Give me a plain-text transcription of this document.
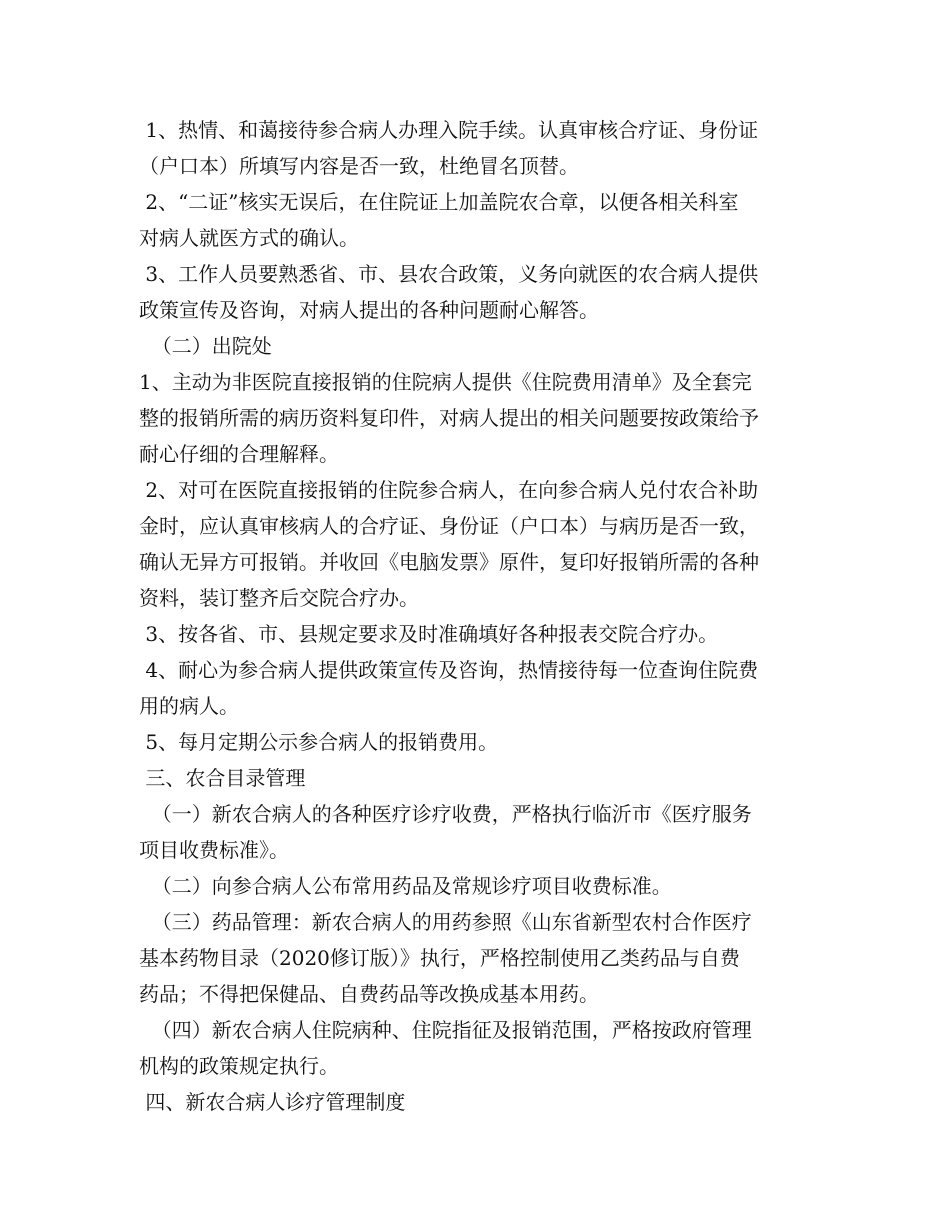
1、热情、和蔼接待参合病人办理入院手续。认真审核合疗证、身份证
（户口本）所填写内容是否一致，杜绝冒名顶替。
2、“二证”核实无误后，在住院证上加盖院农合章，以便各相关科室
对病人就医方式的确认。
3、工作人员要熟悉省、市、县农合政策，义务向就医的农合病人提供
政策宣传及咨询，对病人提出的各种问题耐心解答。
（二）出院处
1、主动为非医院直接报销的住院病人提供《住院费用清单》及全套完
整的报销所需的病历资料复印件，对病人提出的相关问题要按政策给予
耐心仔细的合理解释。
2、对可在医院直接报销的住院参合病人，在向参合病人兑付农合补助
金时，应认真审核病人的合疗证、身份证（户口本）与病历是否一致，
确认无异方可报销。并收回《电脑发票》原件，复印好报销所需的各种
资料，装订整齐后交院合疗办。
3、按各省、市、县规定要求及时准确填好各种报表交院合疗办。
4、耐心为参合病人提供政策宣传及咨询，热情接待每一位查询住院费
用的病人。
5、每月定期公示参合病人的报销费用。
三、农合目录管理
（一）新农合病人的各种医疗诊疗收费，严格执行临沂市《医疗服务
项目收费标准》。
（二）向参合病人公布常用药品及常规诊疗项目收费标准。
（三）药品管理：新农合病人的用药参照《山东省新型农村合作医疗
基本药物目录（2020修订版）》执行，严格控制使用乙类药品与自费
药品；不得把保健品、自费药品等改换成基本用药。
（四）新农合病人住院病种、住院指征及报销范围，严格按政府管理
机构的政策规定执行。
四、新农合病人诊疗管理制度
